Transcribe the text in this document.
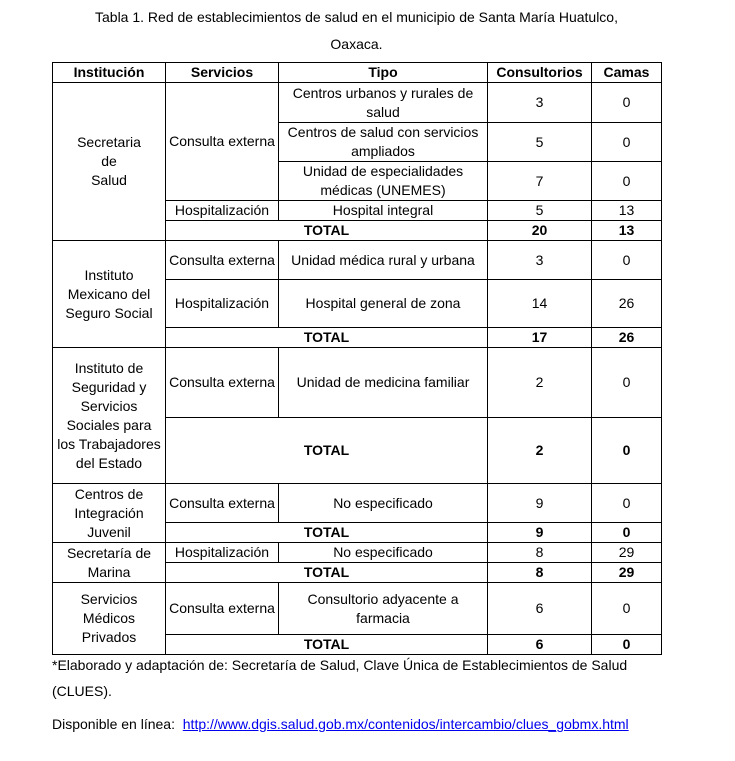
Tabla 1. Red de establecimientos de salud en el municipio de Santa María Huatulco,
Oaxaca.
Institución	Servicios	Tipo	Consultorios	Camas
Secretaria
de
Salud	Consulta externa	Centros urbanos y rurales de salud	3	0
		Centros de salud con servicios ampliados	5	0
		Unidad de especialidades médicas (UNEMES)	7	0
	Hospitalización	Hospital integral	5	13
	TOTAL		20	13
Instituto Mexicano del Seguro Social	Consulta externa	Unidad médica rural y urbana	3	0
	Hospitalización	Hospital general de zona	14	26
	TOTAL		17	26
Instituto de Seguridad y Servicios Sociales para los Trabajadores del Estado	Consulta externa	Unidad de medicina familiar	2	0
	TOTAL		2	0
Centros de Integración Juvenil	Consulta externa	No especificado	9	0
	TOTAL		9	0
Secretaría de Marina	Hospitalización	No especificado	8	29
	TOTAL		8	29
Servicios Médicos Privados	Consulta externa	Consultorio adyacente a farmacia	6	0
	TOTAL		6	0
*Elaborado y adaptación de: Secretaría de Salud, Clave Única de Establecimientos de Salud (CLUES).
Disponible en línea: http://www.dgis.salud.gob.mx/contenidos/intercambio/clues_gobmx.html
